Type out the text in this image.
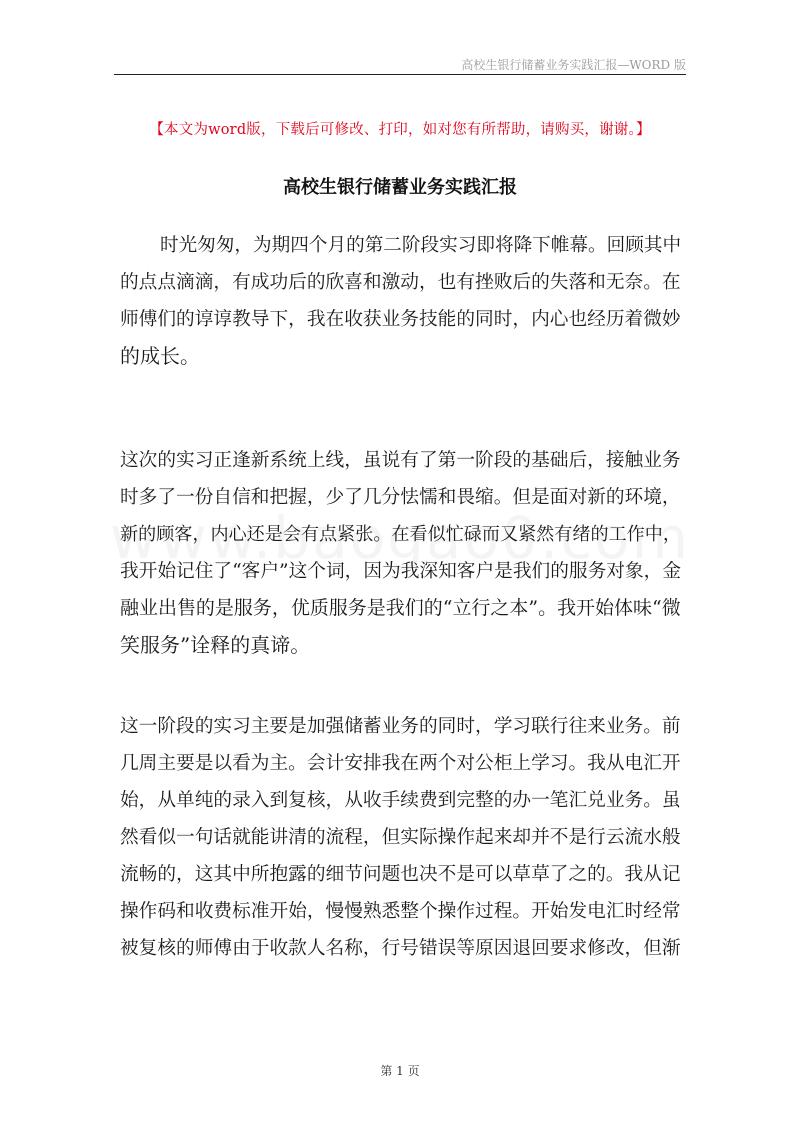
高校生银行储蓄业务实践汇报—WORD 版
【本文为word版，下载后可修改、打印，如对您有所帮助，请购买，谢谢。】
高校生银行储蓄业务实践汇报
时光匆匆，为期四个月的第二阶段实习即将降下帷幕。回顾其中
的点点滴滴，有成功后的欣喜和激动，也有挫败后的失落和无奈。在
师傅们的谆谆教导下，我在收获业务技能的同时，内心也经历着微妙
的成长。
这次的实习正逢新系统上线，虽说有了第一阶段的基础后，接触业务
时多了一份自信和把握，少了几分怯懦和畏缩。但是面对新的环境，
新的顾客，内心还是会有点紧张。在看似忙碌而又紧然有绪的工作中，
我开始记住了“客户”这个词，因为我深知客户是我们的服务对象，金
融业出售的是服务，优质服务是我们的“立行之本”。我开始体味“微
笑服务”诠释的真谛。
这一阶段的实习主要是加强储蓄业务的同时，学习联行往来业务。前
几周主要是以看为主。会计安排我在两个对公柜上学习。我从电汇开
始，从单纯的录入到复核，从收手续费到完整的办一笔汇兑业务。虽
然看似一句话就能讲清的流程，但实际操作起来却并不是行云流水般
流畅的，这其中所抱露的细节问题也决不是可以草草了之的。我从记
操作码和收费标准开始，慢慢熟悉整个操作过程。开始发电汇时经常
被复核的师傅由于收款人名称，行号错误等原因退回要求修改，但渐
第 1 页
